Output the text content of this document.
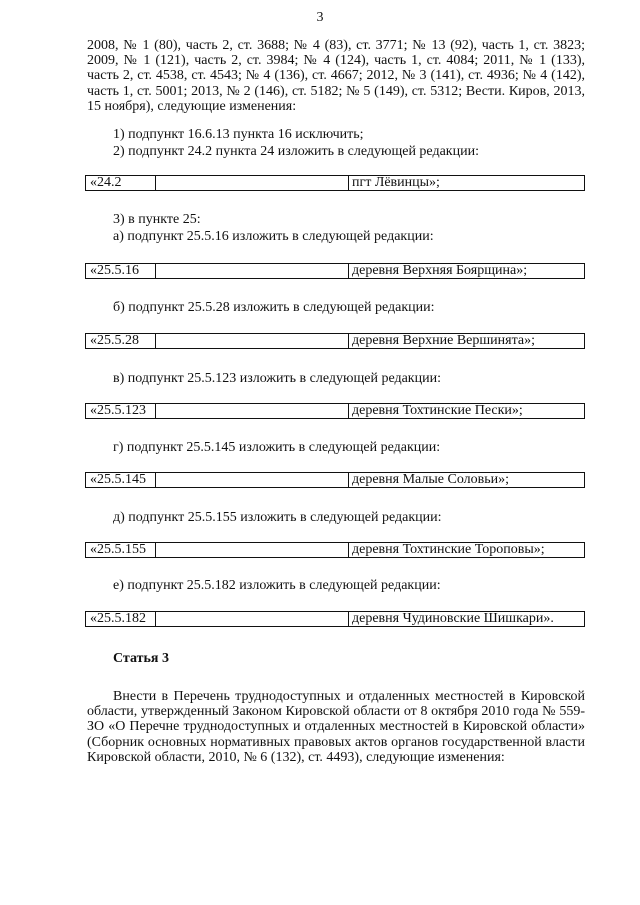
3
2008, № 1 (80), часть 2, ст. 3688; № 4 (83), ст. 3771; № 13 (92), часть 1, ст. 3823; 2009, № 1 (121), часть 2, ст. 3984; № 4 (124), часть 1, ст. 4084; 2011, № 1 (133), часть 2, ст. 4538, ст. 4543; № 4 (136), ст. 4667; 2012, № 3 (141), ст. 4936; № 4 (142), часть 1, ст. 5001; 2013, № 2 (146), ст. 5182; № 5 (149), ст. 5312; Вести. Киров, 2013, 15 ноября), следующие изменения:
1) подпункт 16.6.13 пункта 16 исключить;
2) подпункт 24.2 пункта 24 изложить в следующей редакции:
«24.2	пгт Лёвинцы»;
3) в пункте 25:
а) подпункт 25.5.16 изложить в следующей редакции:
«25.5.16	деревня Верхняя Боярщина»;
б) подпункт 25.5.28 изложить в следующей редакции:
«25.5.28	деревня Верхние Вершинята»;
в) подпункт 25.5.123 изложить в следующей редакции:
«25.5.123	деревня Тохтинские Пески»;
г) подпункт 25.5.145 изложить в следующей редакции:
«25.5.145	деревня Малые Соловьи»;
д) подпункт 25.5.155 изложить в следующей редакции:
«25.5.155	деревня Тохтинские Тороповы»;
е) подпункт 25.5.182 изложить в следующей редакции:
«25.5.182	деревня Чудиновские Шишкари».
Статья 3
Внести в Перечень труднодоступных и отдаленных местностей в Кировской области, утвержденный Законом Кировской области от 8 октября 2010 года № 559-ЗО «О Перечне труднодоступных и отдаленных местностей в Кировской области» (Сборник основных нормативных правовых актов органов государственной власти Кировской области, 2010, № 6 (132), ст. 4493), следующие изменения:
